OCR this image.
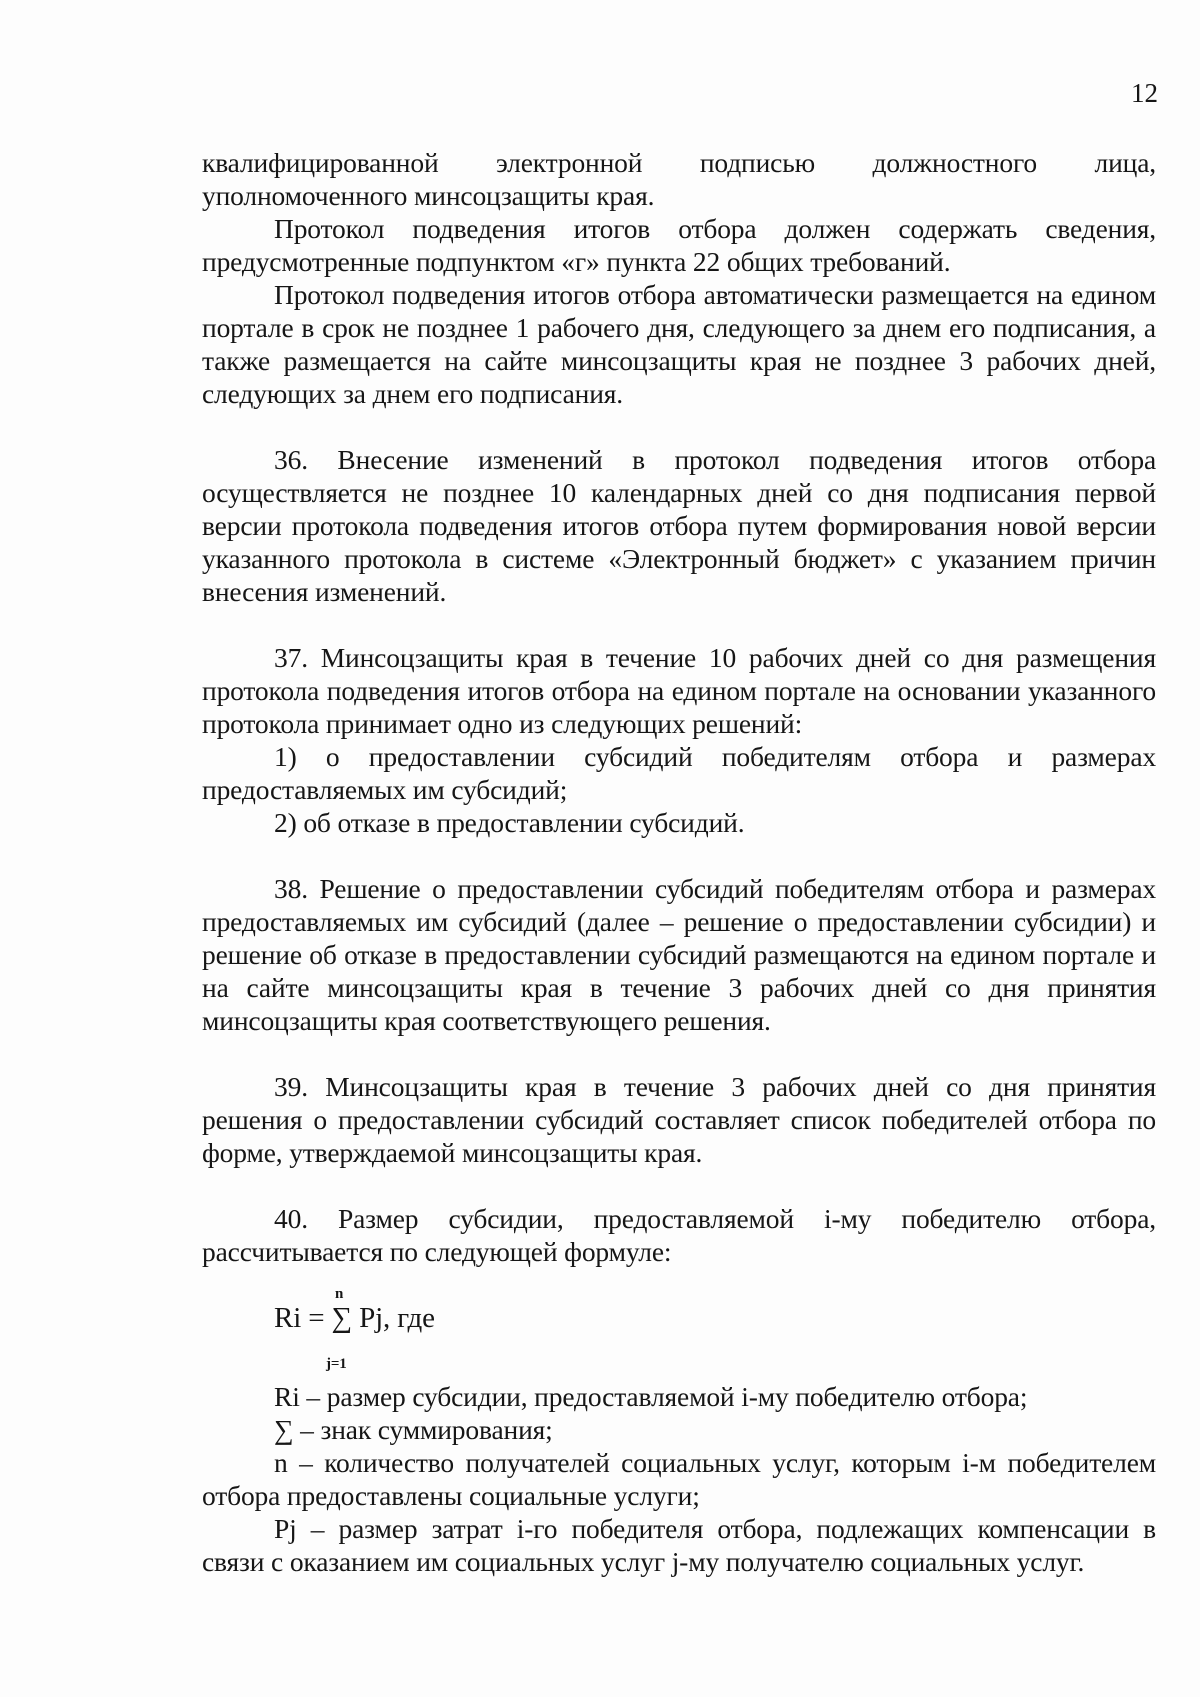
12

квалифицированной электронной подписью должностного лица, уполномоченного минсоцзащиты края.

Протокол подведения итогов отбора должен содержать сведения, предусмотренные подпунктом «г» пункта 22 общих требований.

Протокол подведения итогов отбора автоматически размещается на едином портале в срок не позднее 1 рабочего дня, следующего за днем его подписания, а также размещается на сайте минсоцзащиты края не позднее 3 рабочих дней, следующих за днем его подписания.

36. Внесение изменений в протокол подведения итогов отбора осуществляется не позднее 10 календарных дней со дня подписания первой версии протокола подведения итогов отбора путем формирования новой версии указанного протокола в системе «Электронный бюджет» с указанием причин внесения изменений.

37. Минсоцзащиты края в течение 10 рабочих дней со дня размещения протокола подведения итогов отбора на едином портале на основании указанного протокола принимает одно из следующих решений:

1) о предоставлении субсидий победителям отбора и размерах предоставляемых им субсидий;

2) об отказе в предоставлении субсидий.

38. Решение о предоставлении субсидий победителям отбора и размерах предоставляемых им субсидий (далее – решение о предоставлении субсидии) и решение об отказе в предоставлении субсидий размещаются на едином портале и на сайте минсоцзащиты края в течение 3 рабочих дней со дня принятия минсоцзащиты края соответствующего решения.

39. Минсоцзащиты края в течение 3 рабочих дней со дня принятия решения о предоставлении субсидий составляет список победителей отбора по форме, утверждаемой минсоцзащиты края.

40. Размер субсидии, предоставляемой i-му победителю отбора, рассчитывается по следующей формуле:

n
Ri = ∑ Pj, где
j=1

Ri – размер субсидии, предоставляемой i-му победителю отбора;

∑ – знак суммирования;

n – количество получателей социальных услуг, которым i-м победителем отбора предоставлены социальные услуги;

Pj – размер затрат i-го победителя отбора, подлежащих компенсации в связи с оказанием им социальных услуг j-му получателю социальных услуг.
